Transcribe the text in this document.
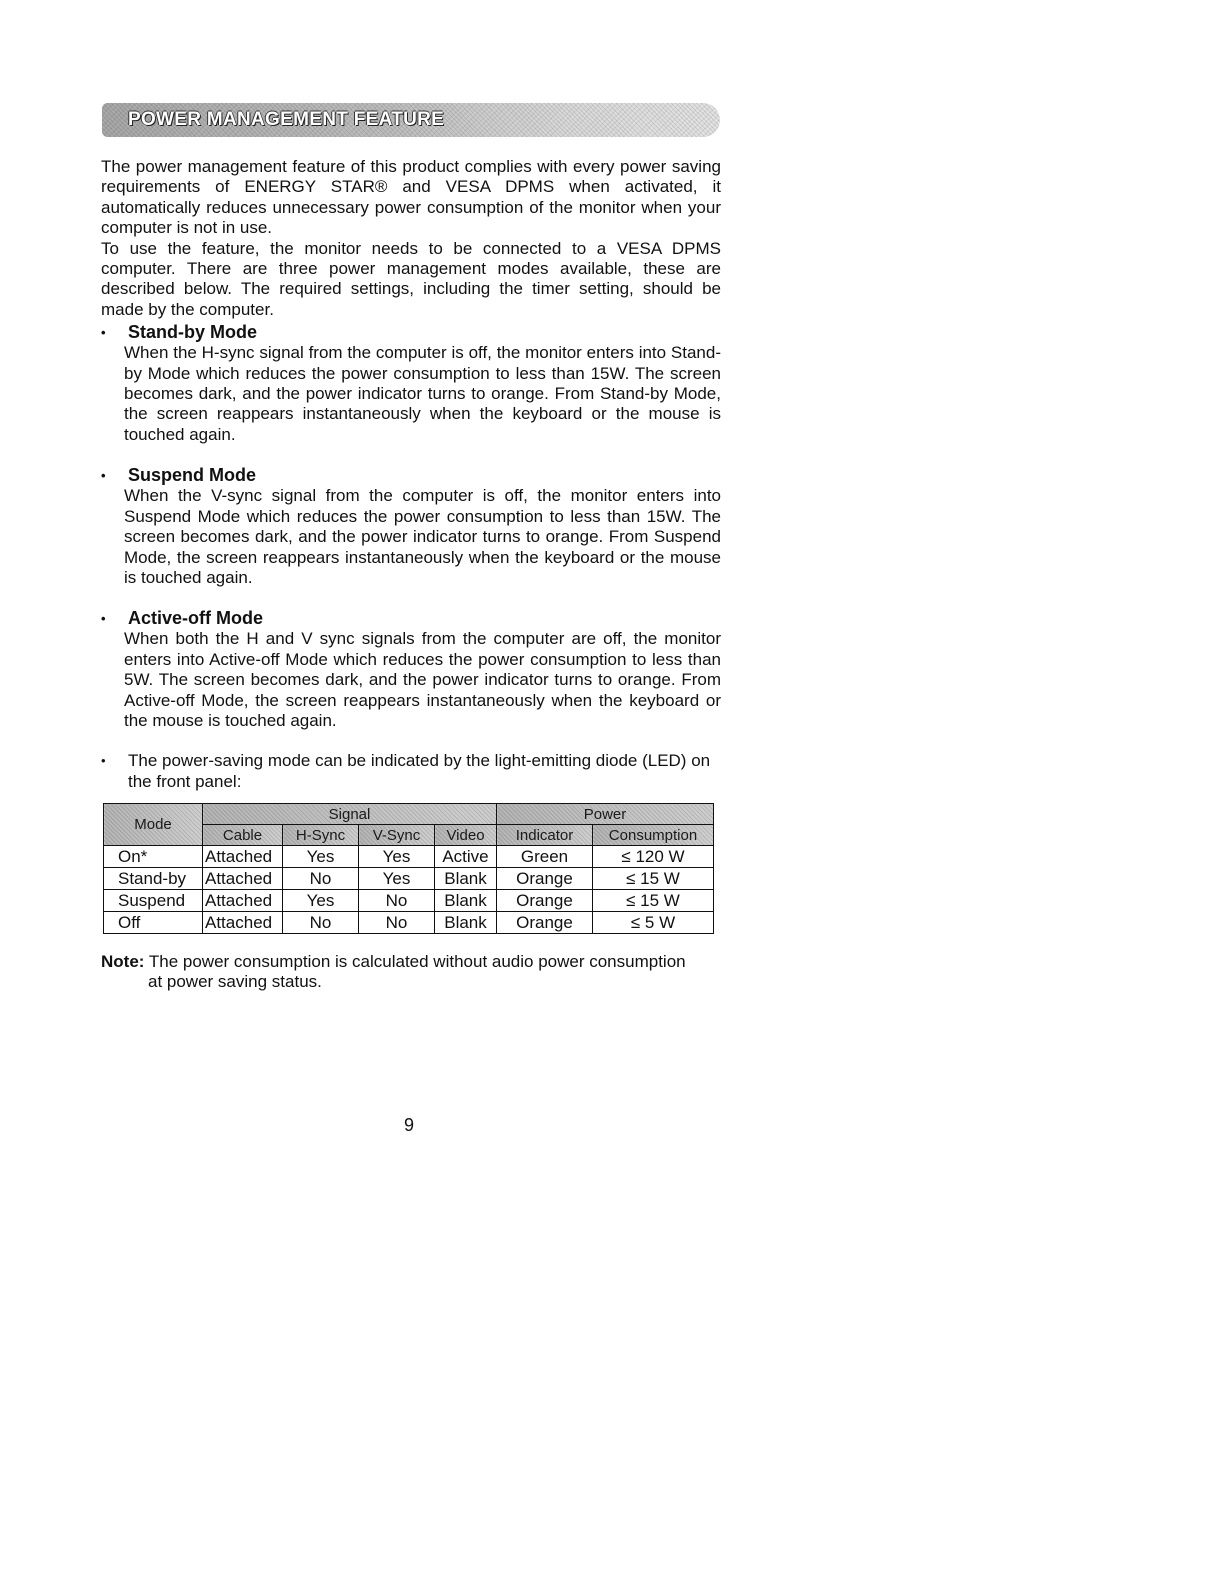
POWER MANAGEMENT FEATURE

The power management feature of this product complies with every power saving requirements of ENERGY STAR® and VESA DPMS when activated, it automatically reduces unnecessary power consumption of the monitor when your computer is not in use.

To use the feature, the monitor needs to be connected to a VESA DPMS computer. There are three power management modes available, these are described below. The required settings, including the timer setting, should be made by the computer.

• Stand-by Mode
When the H-sync signal from the computer is off, the monitor enters into Stand-by Mode which reduces the power consumption to less than 15W. The screen becomes dark, and the power indicator turns to orange. From Stand-by Mode, the screen reappears instantaneously when the keyboard or the mouse is touched again.
• Suspend Mode
When the V-sync signal from the computer is off, the monitor enters into Suspend Mode which reduces the power consumption to less than 15W. The screen becomes dark, and the power indicator turns to orange. From Suspend Mode, the screen reappears instantaneously when the keyboard or the mouse is touched again.
• Active-off Mode
When both the H and V sync signals from the computer are off, the monitor enters into Active-off Mode which reduces the power consumption to less than 5W. The screen becomes dark, and the power indicator turns to orange. From Active-off Mode, the screen reappears instantaneously when the keyboard or the mouse is touched again.
• The power-saving mode can be indicated by the light-emitting diode (LED) on the front panel:
Mode	Signal				Power	
	Cable	H-Sync	V-Sync	Video	Indicator	Consumption
On*	Attached	Yes	Yes	Active	Green	≤ 120 W
Stand-by	Attached	No	Yes	Blank	Orange	≤ 15 W
Suspend	Attached	Yes	No	Blank	Orange	≤ 15 W
Off	Attached	No	No	Blank	Orange	≤ 5 W
Note: The power consumption is calculated without audio power consumption
at power saving status.
9
